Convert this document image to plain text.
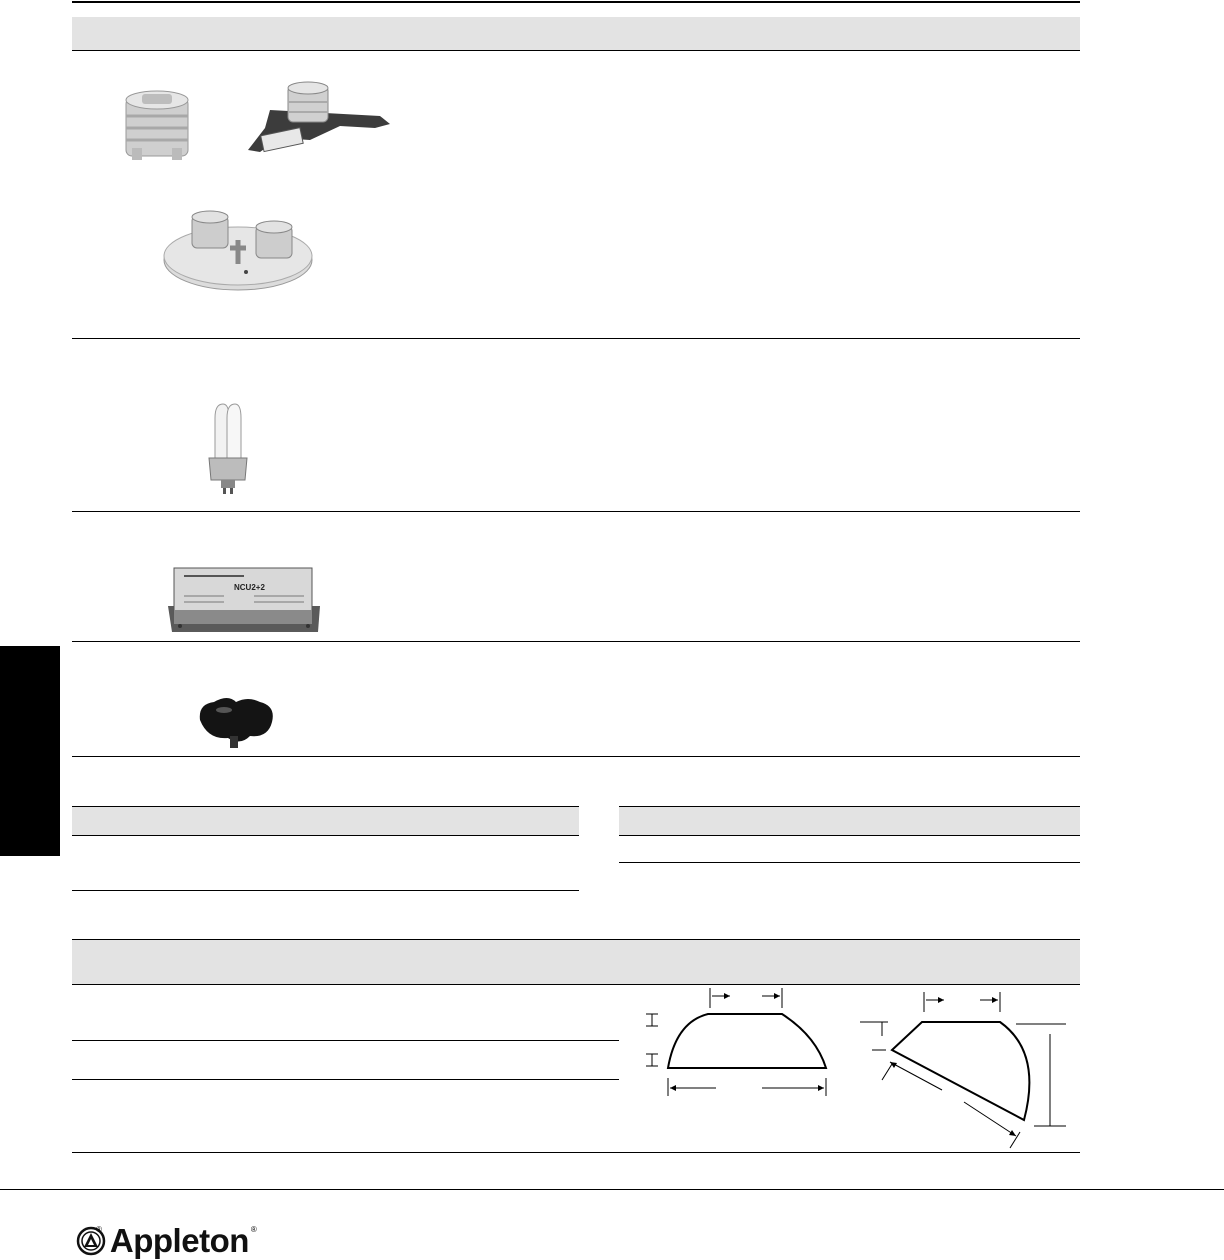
NCU2+2
® Appleton ®
